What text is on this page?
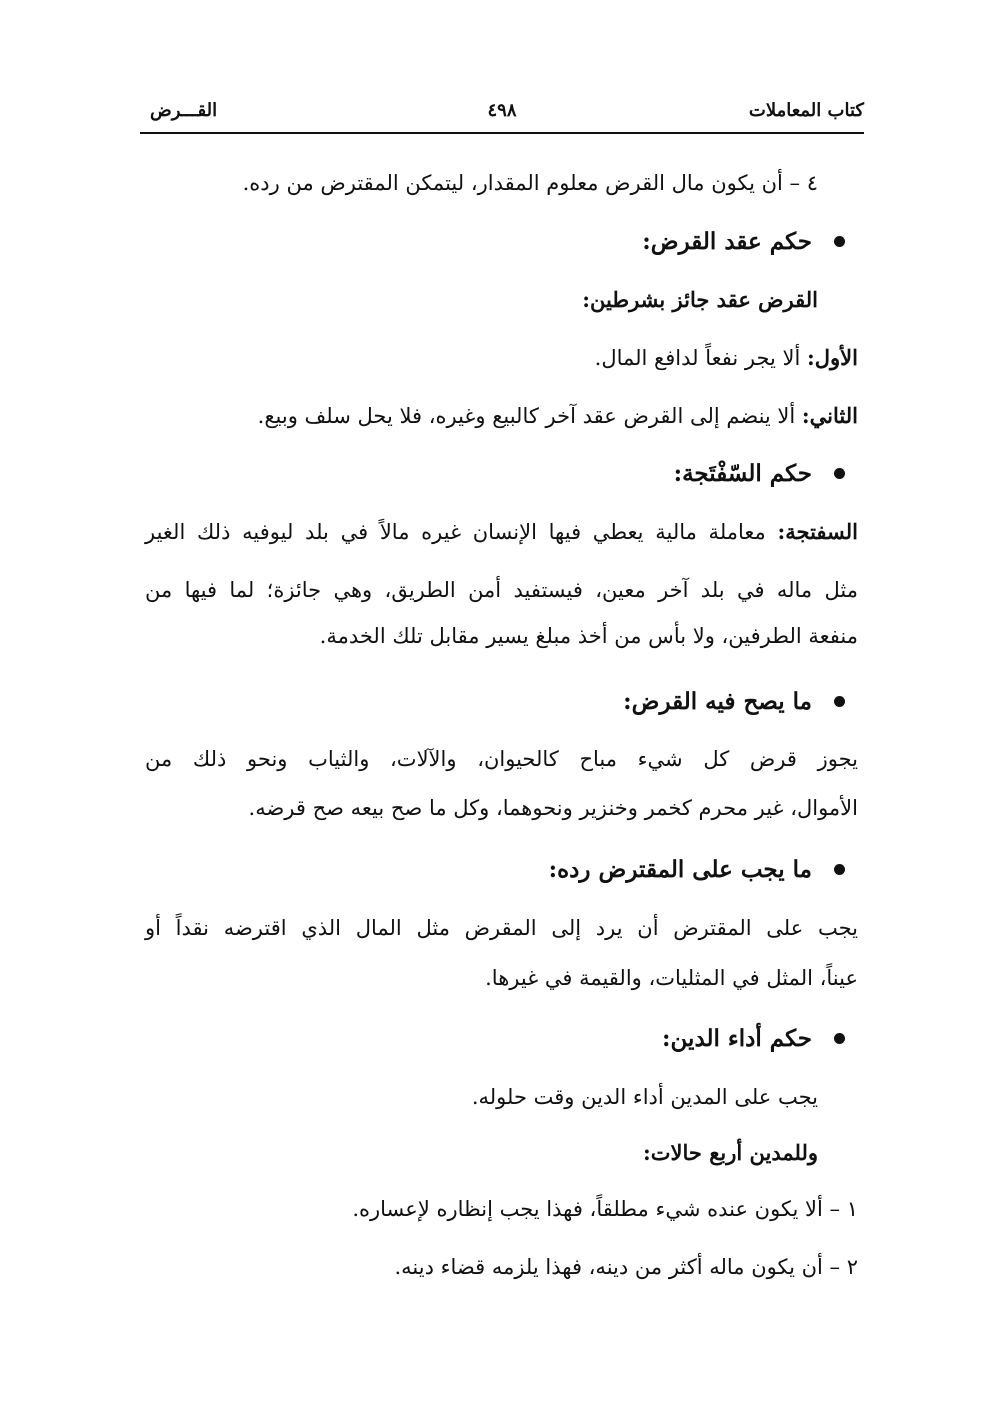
كتاب المعاملات
٤٩٨
القـــرض
٤ – أن يكون مال القرض معلوم المقدار، ليتمكن المقترض من رده.
حكم عقد القرض:
القرض عقد جائز بشرطين:
الأول: ألا يجر نفعاً لدافع المال.
الثاني: ألا ينضم إلى القرض عقد آخر كالبيع وغيره، فلا يحل سلف وبيع.
حكم السّفْتَجة:
السفتجة: معاملة مالية يعطي فيها الإنسان غيره مالاً في بلد ليوفيه ذلك الغير
مثل ماله في بلد آخر معين، فيستفيد أمن الطريق، وهي جائزة؛ لما فيها من
منفعة الطرفين، ولا بأس من أخذ مبلغ يسير مقابل تلك الخدمة.
ما يصح فيه القرض:
يجوز قرض كل شيء مباح كالحيوان، والآلات، والثياب ونحو ذلك من
الأموال، غير محرم كخمر وخنزير ونحوهما، وكل ما صح بيعه صح قرضه.
ما يجب على المقترض رده:
يجب على المقترض أن يرد إلى المقرض مثل المال الذي اقترضه نقداً أو
عيناً، المثل في المثليات، والقيمة في غيرها.
حكم أداء الدين:
يجب على المدين أداء الدين وقت حلوله.
وللمدين أربع حالات:
١ – ألا يكون عنده شيء مطلقاً، فهذا يجب إنظاره لإعساره.
٢ – أن يكون ماله أكثر من دينه، فهذا يلزمه قضاء دينه.
